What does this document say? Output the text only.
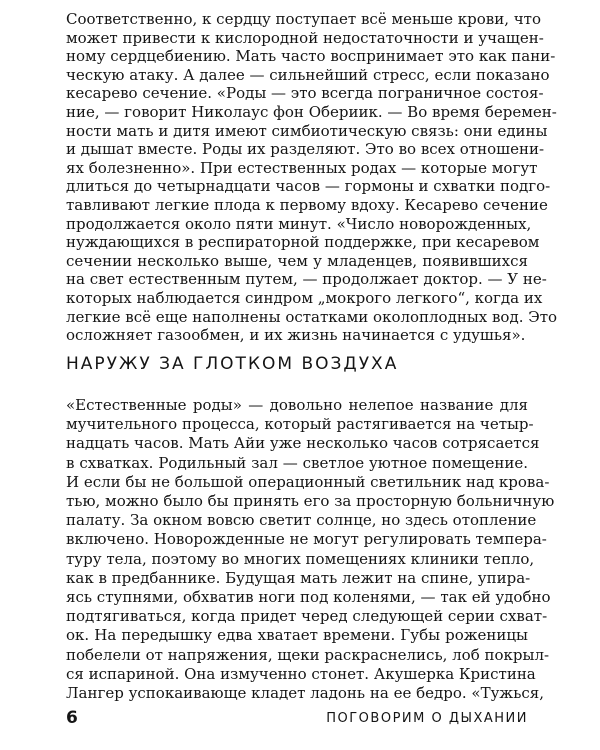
Соответственно, к сердцу поступает всё меньше крови, что
может привести к кислородной недостаточности и учащен-
ному сердцебиению. Мать часто воспринимает это как пани-
ческую атаку. А далее — сильнейший стресс, если показано
кесарево сечение. «Роды — это всегда пограничное состоя-
ние, — говорит Николаус фон Обериик. — Во время беремен-
ности мать и дитя имеют симбиотическую связь: они едины
и дышат вместе. Роды их разделяют. Это во всех отношени-
ях болезненно». При естественных родах — которые могут
длиться до четырнадцати часов — гормоны и схватки подго-
тавливают легкие плода к первому вдоху. Кесарево сечение
продолжается около пяти минут. «Число новорожденных,
нуждающихся в респираторной поддержке, при кесаревом
сечении несколько выше, чем у младенцев, появившихся
на свет естественным путем, — продолжает доктор. — У не-
которых наблюдается синдром „мокрого легкого“, когда их
легкие всё еще наполнены остатками околоплодных вод. Это
осложняет газообмен, и их жизнь начинается с удушья».
НАРУЖУ ЗА ГЛОТКОМ ВОЗДУХА
«Естественные роды» — довольно нелепое название для
мучительного процесса, который растягивается на четыр-
надцать часов. Мать Айи уже несколько часов сотрясается
в схватках. Родильный зал — светлое уютное помещение.
И если бы не большой операционный светильник над крова-
тью, можно было бы принять его за просторную больничную
палату. За окном вовсю светит солнце, но здесь отопление
включено. Новорожденные не могут регулировать темпера-
туру тела, поэтому во многих помещениях клиники тепло,
как в предбаннике. Будущая мать лежит на спине, упира-
ясь ступнями, обхватив ноги под коленями, — так ей удобно
подтягиваться, когда придет черед следующей серии схват-
ок. На передышку едва хватает времени. Губы роженицы
побелели от напряжения, щеки раскраснелись, лоб покрыл-
ся испариной. Она измученно стонет. Акушерка Кристина
Лангер успокаивающе кладет ладонь на ее бедро. «Тужься,
6	ПОГОВОРИМ О ДЫХАНИИ
